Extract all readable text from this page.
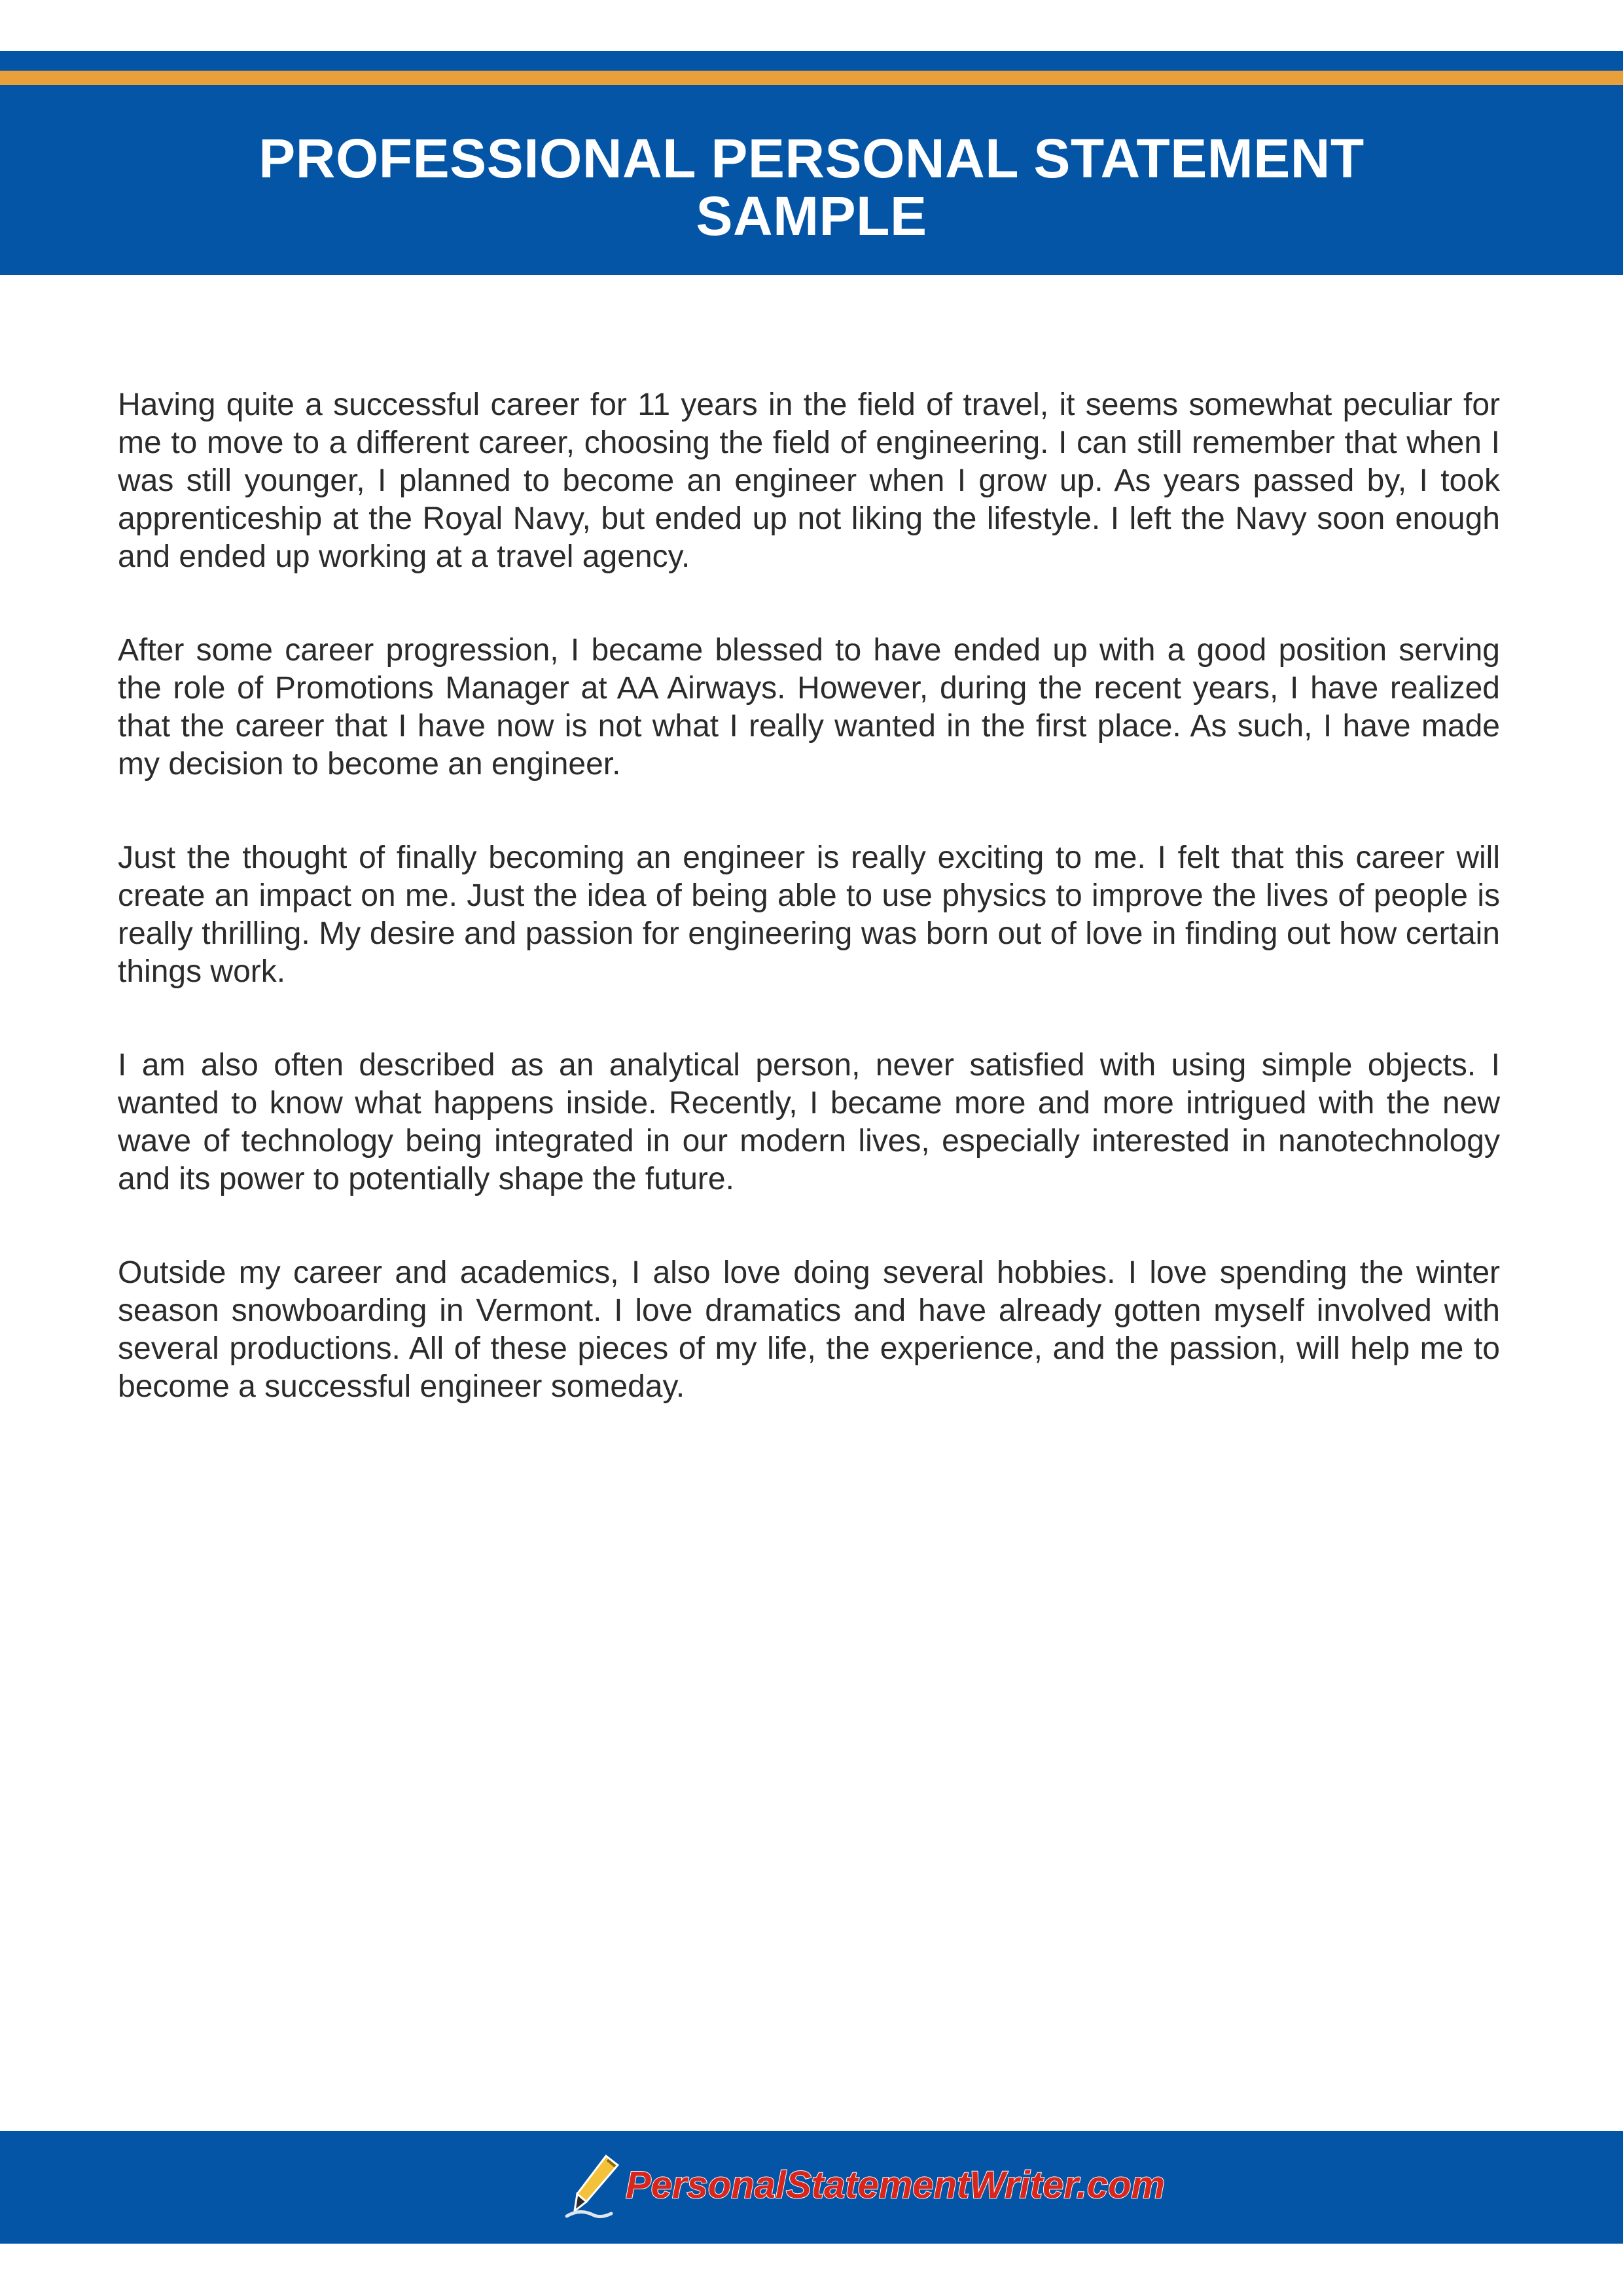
PROFESSIONAL PERSONAL STATEMENT
SAMPLE

Having quite a successful career for 11 years in the field of travel, it seems somewhat peculiar for me to move to a different career, choosing the field of engineering. I can still remember that when I was still younger, I planned to become an engineer when I grow up. As years passed by, I took apprenticeship at the Royal Navy, but ended up not liking the lifestyle. I left the Navy soon enough and ended up working at a travel agency.

After some career progression, I became blessed to have ended up with a good position serving the role of Promotions Manager at AA Airways. However, during the recent years, I have realized that the career that I have now is not what I really wanted in the first place. As such, I have made my decision to become an engineer.

Just the thought of finally becoming an engineer is really exciting to me. I felt that this career will create an impact on me. Just the idea of being able to use physics to improve the lives of people is really thrilling. My desire and passion for engineering was born out of love in finding out how certain things work.

I am also often described as an analytical person, never satisfied with using simple objects. I wanted to know what happens inside. Recently, I became more and more intrigued with the new wave of technology being integrated in our modern lives, especially interested in nanotechnology and its power to potentially shape the future.

Outside my career and academics, I also love doing several hobbies. I love spending the winter season snowboarding in Vermont. I love dramatics and have already gotten myself involved with several productions. All of these pieces of my life, the experience, and the passion, will help me to become a successful engineer someday.

PersonalStatementWriter.com
